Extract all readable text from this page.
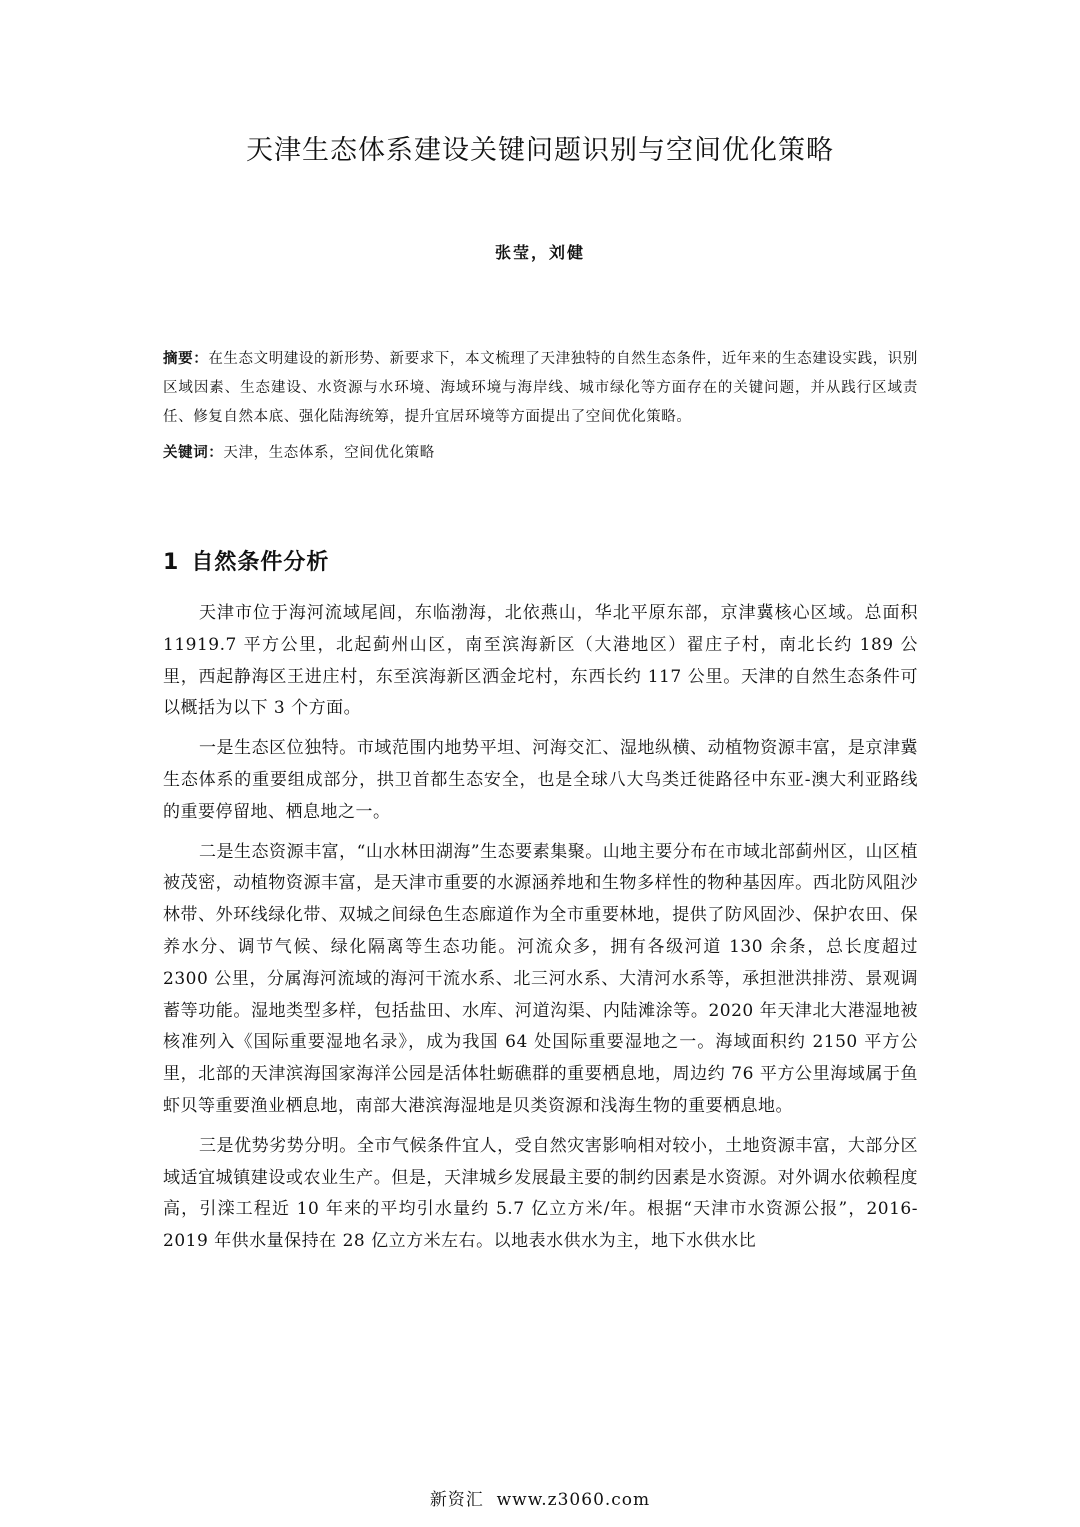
天津生态体系建设关键问题识别与空间优化策略
张莹，刘健
摘要：在生态文明建设的新形势、新要求下，本文梳理了天津独特的自然生态条件，近年来的生态建设实践，识别区域因素、生态建设、水资源与水环境、海域环境与海岸线、城市绿化等方面存在的关键问题，并从践行区域责任、修复自然本底、强化陆海统筹，提升宜居环境等方面提出了空间优化策略。
关键词：天津，生态体系，空间优化策略
1 自然条件分析

天津市位于海河流域尾闾，东临渤海，北依燕山，华北平原东部，京津冀核心区域。总面积 11919.7 平方公里，北起蓟州山区，南至滨海新区（大港地区）翟庄子村，南北长约 189 公里，西起静海区王进庄村，东至滨海新区洒金坨村，东西长约 117 公里。天津的自然生态条件可以概括为以下 3 个方面。

一是生态区位独特。市域范围内地势平坦、河海交汇、湿地纵横、动植物资源丰富，是京津冀生态体系的重要组成部分，拱卫首都生态安全，也是全球八大鸟类迁徙路径中东亚-澳大利亚路线的重要停留地、栖息地之一。

二是生态资源丰富，“山水林田湖海”生态要素集聚。山地主要分布在市域北部蓟州区，山区植被茂密，动植物资源丰富，是天津市重要的水源涵养地和生物多样性的物种基因库。西北防风阻沙林带、外环线绿化带、双城之间绿色生态廊道作为全市重要林地，提供了防风固沙、保护农田、保养水分、调节气候、绿化隔离等生态功能。河流众多，拥有各级河道 130 余条，总长度超过 2300 公里，分属海河流域的海河干流水系、北三河水系、大清河水系等，承担泄洪排涝、景观调蓄等功能。湿地类型多样，包括盐田、水库、河道沟渠、内陆滩涂等。2020 年天津北大港湿地被核准列入《国际重要湿地名录》，成为我国 64 处国际重要湿地之一。海域面积约 2150 平方公里，北部的天津滨海国家海洋公园是活体牡蛎礁群的重要栖息地，周边约 76 平方公里海域属于鱼虾贝等重要渔业栖息地，南部大港滨海湿地是贝类资源和浅海生物的重要栖息地。

三是优势劣势分明。全市气候条件宜人，受自然灾害影响相对较小，土地资源丰富，大部分区域适宜城镇建设或农业生产。但是，天津城乡发展最主要的制约因素是水资源。对外调水依赖程度高，引滦工程近 10 年来的平均引水量约 5.7 亿立方米/年。根据“天津市水资源公报”，2016-2019 年供水量保持在 28 亿立方米左右。以地表水供水为主，地下水供水比

新资汇  www.z3060.com
